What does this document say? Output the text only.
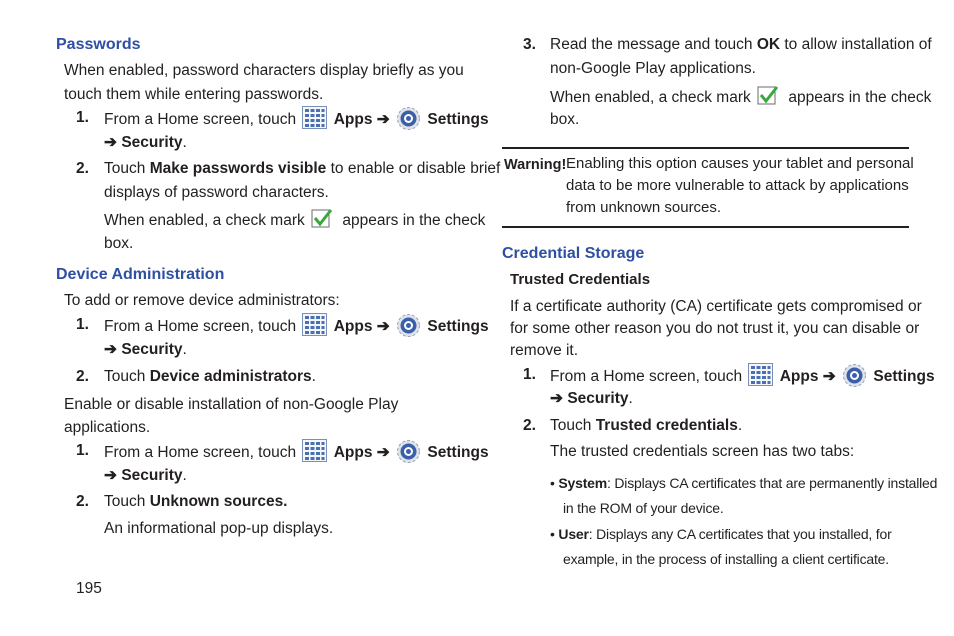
Passwords
When enabled, password characters display briefly as you
touch them while entering passwords.
1. From a Home screen, touch Apps ➔ Settings
➔ Security.
2. Touch Make passwords visible to enable or disable brief
displays of password characters.
When enabled, a check mark appears in the check
box.
Device Administration
To add or remove device administrators:
1. From a Home screen, touch Apps ➔ Settings
➔ Security.
2. Touch Device administrators.
Enable or disable installation of non-Google Play
applications.
1. From a Home screen, touch Apps ➔ Settings
➔ Security.
2. Touch Unknown sources.
An informational pop-up displays.
195
3. Read the message and touch OK to allow installation of
non-Google Play applications.
When enabled, a check mark appears in the check
box.
Warning! Enabling this option causes your tablet and personal
data to be more vulnerable to attack by applications
from unknown sources.
Credential Storage
Trusted Credentials
If a certificate authority (CA) certificate gets compromised or
for some other reason you do not trust it, you can disable or
remove it.
1. From a Home screen, touch Apps ➔ Settings
➔ Security.
2. Touch Trusted credentials.
The trusted credentials screen has two tabs:
• System: Displays CA certificates that are permanently installed
in the ROM of your device.
• User: Displays any CA certificates that you installed, for
example, in the process of installing a client certificate.
